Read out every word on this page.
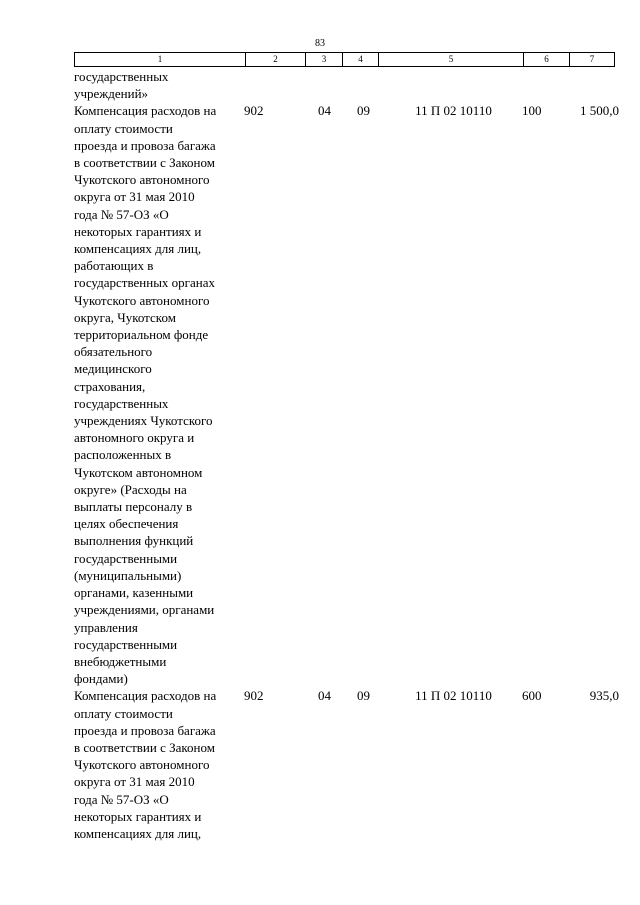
83
1	2	3	4	5	6	7
государственных
учреждений»
Компенсация расходов на
оплату стоимости
проезда и провоза багажа
в соответствии с Законом
Чукотского автономного
округа от 31 мая 2010
года № 57-ОЗ «О
некоторых гарантиях и
компенсациях для лиц,
работающих в
государственных органах
Чукотского автономного
округа, Чукотском
территориальном фонде
обязательного
медицинского
страхования,
государственных
учреждениях Чукотского
автономного округа и
расположенных в
Чукотском автономном
округе» (Расходы на
выплаты персоналу в
целях обеспечения
выполнения функций
государственными
(муниципальными)
органами, казенными
учреждениями, органами
управления
государственными
внебюджетными
фондами)
902	04	09	11 П 02 10110	100	1 500,0
Компенсация расходов на
оплату стоимости
проезда и провоза багажа
в соответствии с Законом
Чукотского автономного
округа от 31 мая 2010
года № 57-ОЗ «О
некоторых гарантиях и
компенсациях для лиц,
902	04	09	11 П 02 10110	600	935,0
